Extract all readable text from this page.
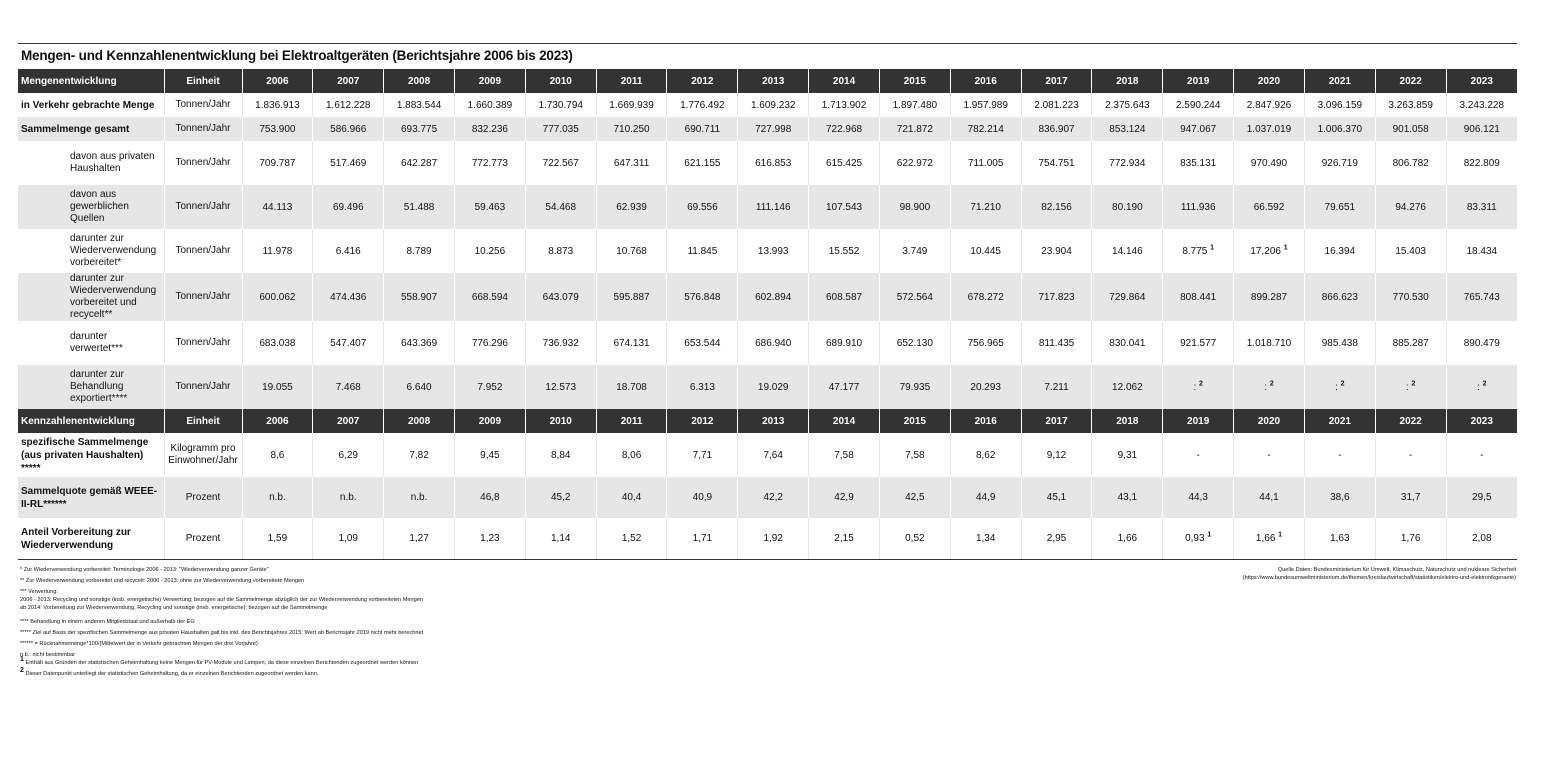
Mengen- und Kennzahlenentwicklung bei Elektroaltgeräten (Berichtsjahre 2006 bis 2023)
Mengenentwicklung	Einheit	2006	2007	2008	2009	2010	2011	2012	2013	2014	2015	2016	2017	2018	2019	2020	2021	2022	2023
in Verkehr gebrachte Menge	Tonnen/Jahr	1.836.913	1.612.228	1.883.544	1.660.389	1.730.794	1.669.939	1.776.492	1.609.232	1.713.902	1.897.480	1.957.989	2.081.223	2.375.643	2.590.244	2.847.926	3.096.159	3.263.859	3.243.228
Sammelmenge gesamt	Tonnen/Jahr	753.900	586.966	693.775	832.236	777.035	710.250	690.711	727.998	722.968	721.872	782.214	836.907	853.124	947.067	1.037.019	1.006.370	901.058	906.121
davon aus privaten Haushalten	Tonnen/Jahr	709.787	517.469	642.287	772.773	722.567	647.311	621.155	616.853	615.425	622.972	711.005	754.751	772.934	835.131	970.490	926.719	806.782	822.809
davon aus gewerblichen Quellen	Tonnen/Jahr	44.113	69.496	51.488	59.463	54.468	62.939	69.556	111.146	107.543	98.900	71.210	82.156	80.190	111.936	66.592	79.651	94.276	83.311
darunter zur Wiederverwendung vorbereitet*	Tonnen/Jahr	11.978	6.416	8.789	10.256	8.873	10.768	11.845	13.993	15.552	3.749	10.445	23.904	14.146	8.775 $^1$	17.206 $^1$	16.394	15.403	18.434
darunter zur Wiederverwendung vorbereitet und recycelt**	Tonnen/Jahr	600.062	474.436	558.907	668.594	643.079	595.887	576.848	602.894	608.587	572.564	678.272	717.823	729.864	808.441	899.287	866.623	770.530	765.743
darunter verwertet***	Tonnen/Jahr	683.038	547.407	643.369	776.296	736.932	674.131	653.544	686.940	689.910	652.130	756.965	811.435	830.041	921.577	1.018.710	985.438	885.287	890.479
darunter zur Behandlung exportiert****	Tonnen/Jahr	19.055	7.468	6.640	7.952	12.573	18.708	6.313	19.029	47.177	79.935	20.293	7.211	12.062	: $^2$	: $^2$	: $^2$	: $^2$	: $^2$
Kennzahlenentwicklung	Einheit	2006	2007	2008	2009	2010	2011	2012	2013	2014	2015	2016	2017	2018	2019	2020	2021	2022	2023
spezifische Sammelmenge (aus privaten Haushalten) *****	Kilogramm pro Einwohner/Jahr	8,6	6,29	7,82	9,45	8,84	8,06	7,71	7,64	7,58	7,58	8,62	9,12	9,31	-	-	-	-	-
Sammelquote gemäß WEEE-II-RL******	Prozent	n.b.	n.b.	n.b.	46,8	45,2	40,4	40,9	42,2	42,9	42,5	44,9	45,1	43,1	44,3	44,1	38,6	31,7	29,5
Anteil Vorbereitung zur Wiederverwendung	Prozent	1,59	1,09	1,27	1,23	1,14	1,52	1,71	1,92	2,15	0,52	1,34	2,95	1,66	0,93 $^1$	1,66 $^1$	1,63	1,76	2,08

* Zur Wiederverwendung vorbereitet: Terminologie 2006 - 2013: "Wiederverwendung ganzer Geräte"

** Zur Wiederverwendung vorbereitet und recycelt: 2006 - 2013: ohne zur Wiederverwendung vorbereitete Mengen

*** Verwertung:

2006 - 2013: Recycling und sonstige (insb. energetische) Verwertung; bezogen auf die Sammelmenge abzüglich der zur Wiederverwendung vorbereiteten Mengen

ab 2014: Vorbereitung zur Wiederverwendung, Recycling und sonstige (insb. energetische); bezogen auf die Sammelmenge

**** Behandlung in einem anderen Mitgliedstaat und außerhalb der EG

***** Ziel auf Basis der spezifischen Sammelmenge aus privaten Haushalten galt bis inkl. des Berichtsjahres 2015; Wert ab Berichtsjahr 2019 nicht mehr berechnet

****** = Rücknahmemenge*100/(Mittelwert der in Verkehr gebrachten Mengen der drei Vorjahre)

n.b.: nicht bestimmbar

$^1$ Enthält aus Gründen der statistischen Geheimhaltung keine Mengen für PV-Module und Lampen, da diese einzelnen Berichtenden zugeordnet werden können

$^2$ Dieser Datenpunkt unterliegt der statistischen Geheimhaltung, da er einzelnen Berichtenden zugeordnet werden kann.

Quelle Daten: Bundesministerium für Umwelt, Klimaschutz, Naturschutz und nukleare Sicherheit
(https://www.bundesumweltministerium.de/themen/kreislaufwirtschaft/statistiken/elektro-und-elektronikgeraete)
